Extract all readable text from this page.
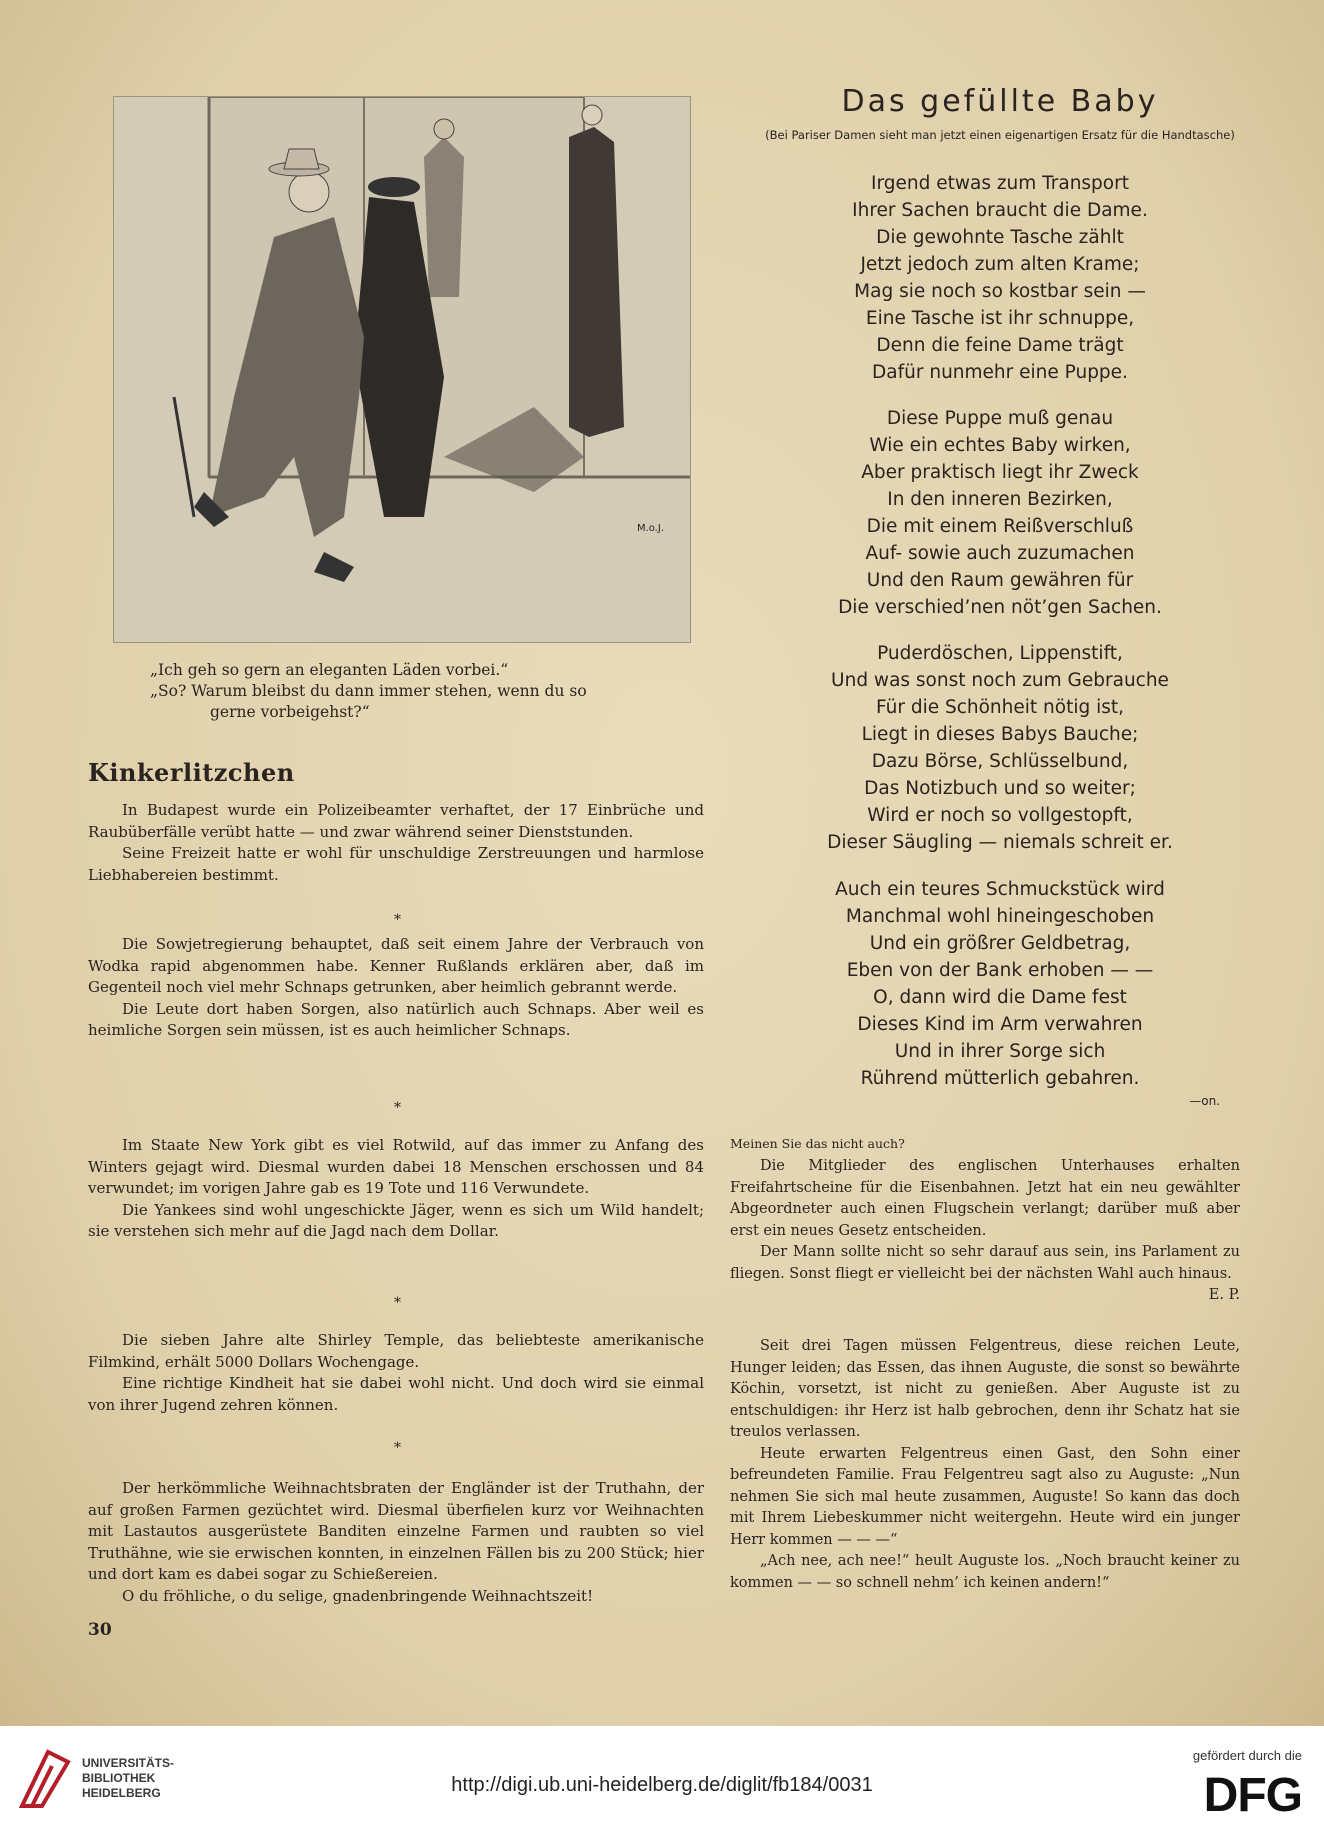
M.o.J.
„Ich geh so gern an eleganten Läden vorbei.“
„So? Warum bleibst du dann immer stehen, wenn du so
gerne vorbeigehst?“
Kinkerlitzchen

In Budapest wurde ein Polizeibeamter verhaftet, der 17 Einbrüche und Raubüberfälle verübt hatte — und zwar während seiner Dienststunden.

Seine Freizeit hatte er wohl für unschuldige Zerstreuungen und harmlose Liebhabereien bestimmt.

*

Die Sowjetregierung behauptet, daß seit einem Jahre der Verbrauch von Wodka rapid abgenommen habe. Kenner Rußlands erklären aber, daß im Gegenteil noch viel mehr Schnaps getrunken, aber heimlich gebrannt werde.

Die Leute dort haben Sorgen, also natürlich auch Schnaps. Aber weil es heimliche Sorgen sein müssen, ist es auch heimlicher Schnaps.

*

Im Staate New York gibt es viel Rotwild, auf das immer zu Anfang des Winters gejagt wird. Diesmal wurden dabei 18 Menschen erschossen und 84 verwundet; im vorigen Jahre gab es 19 Tote und 116 Verwundete.

Die Yankees sind wohl ungeschickte Jäger, wenn es sich um Wild handelt; sie verstehen sich mehr auf die Jagd nach dem Dollar.

*

Die sieben Jahre alte Shirley Temple, das beliebteste amerikanische Filmkind, erhält 5000 Dollars Wochengage.

Eine richtige Kindheit hat sie dabei wohl nicht. Und doch wird sie einmal von ihrer Jugend zehren können.

*

Der herkömmliche Weihnachtsbraten der Engländer ist der Truthahn, der auf großen Farmen gezüchtet wird. Diesmal überfielen kurz vor Weihnachten mit Lastautos ausgerüstete Banditen einzelne Farmen und raubten so viel Truthähne, wie sie erwischen konnten, in einzelnen Fällen bis zu 200 Stück; hier und dort kam es dabei sogar zu Schießereien.

O du fröhliche, o du selige, gnadenbringende Weihnachtszeit!

30
Das gefüllte Baby
(Bei Pariser Damen sieht man jetzt einen eigenartigen Ersatz für die Handtasche)
Irgend etwas zum Transport
Ihrer Sachen braucht die Dame.
Die gewohnte Tasche zählt
Jetzt jedoch zum alten Krame;
Mag sie noch so kostbar sein —
Eine Tasche ist ihr schnuppe,
Denn die feine Dame trägt
Dafür nunmehr eine Puppe.
Diese Puppe muß genau
Wie ein echtes Baby wirken,
Aber praktisch liegt ihr Zweck
In den inneren Bezirken,
Die mit einem Reißverschluß
Auf- sowie auch zuzumachen
Und den Raum gewähren für
Die verschied’nen nöt’gen Sachen.
Puderdöschen, Lippenstift,
Und was sonst noch zum Gebrauche
Für die Schönheit nötig ist,
Liegt in dieses Babys Bauche;
Dazu Börse, Schlüsselbund,
Das Notizbuch und so weiter;
Wird er noch so vollgestopft,
Dieser Säugling — niemals schreit er.
Auch ein teures Schmuckstück wird
Manchmal wohl hineingeschoben
Und ein größrer Geldbetrag,
Eben von der Bank erhoben — —
O, dann wird die Dame fest
Dieses Kind im Arm verwahren
Und in ihrer Sorge sich
Rührend mütterlich gebahren.
—on.
Meinen Sie das nicht auch?

Die Mitglieder des englischen Unterhauses erhalten Freifahrtscheine für die Eisenbahnen. Jetzt hat ein neu gewählter Abgeordneter auch einen Flugschein verlangt; darüber muß aber erst ein neues Gesetz entscheiden.

Der Mann sollte nicht so sehr darauf aus sein, ins Parlament zu fliegen. Sonst fliegt er vielleicht bei der nächsten Wahl auch hinaus.

E. P.

Seit drei Tagen müssen Felgentreus, diese reichen Leute, Hunger leiden; das Essen, das ihnen Auguste, die sonst so bewährte Köchin, vorsetzt, ist nicht zu genießen. Aber Auguste ist zu entschuldigen: ihr Herz ist halb gebrochen, denn ihr Schatz hat sie treulos verlassen.

Heute erwarten Felgentreus einen Gast, den Sohn einer befreundeten Familie. Frau Felgentreu sagt also zu Auguste: „Nun nehmen Sie sich mal heute zusammen, Auguste! So kann das doch mit Ihrem Liebeskummer nicht weitergehn. Heute wird ein junger Herr kommen — — —“

„Ach nee, ach nee!“ heult Auguste los. „Noch braucht keiner zu kommen — — so schnell nehm’ ich keinen andern!“

UNIVERSITÄTS-
BIBLIOTHEK
HEIDELBERG	http://digi.ub.uni-heidelberg.de/diglit/fb184/0031
gefördert durch die
DFG
